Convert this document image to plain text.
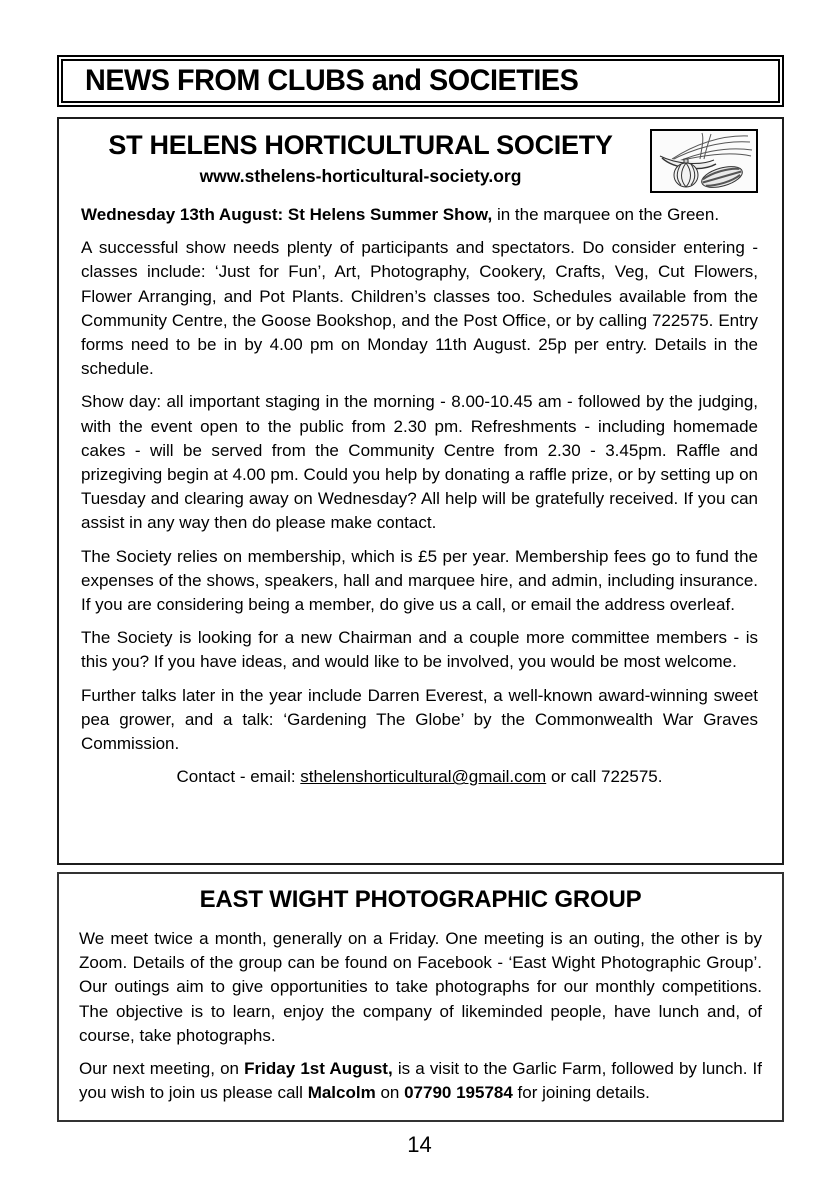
NEWS FROM CLUBS and SOCIETIES
ST HELENS HORTICULTURAL SOCIETY
www.sthelens-horticultural-society.org

Wednesday 13th August: St Helens Summer Show, in the marquee on the Green.

A successful show needs plenty of participants and spectators. Do consider entering - classes include: ‘Just for Fun’, Art, Photography, Cookery, Crafts, Veg, Cut Flowers, Flower Arranging, and Pot Plants. Children’s classes too. Schedules available from the Community Centre, the Goose Bookshop, and the Post Office, or by calling 722575. Entry forms need to be in by 4.00 pm on Monday 11th August. 25p per entry. Details in the schedule.

Show day: all important staging in the morning - 8.00-10.45 am - followed by the judging, with the event open to the public from 2.30 pm. Refreshments - including homemade cakes - will be served from the Community Centre from 2.30 - 3.45pm. Raffle and prizegiving begin at 4.00 pm. Could you help by donating a raffle prize, or by setting up on Tuesday and clearing away on Wednesday? All help will be gratefully received. If you can assist in any way then do please make contact.

The Society relies on membership, which is £5 per year. Membership fees go to fund the expenses of the shows, speakers, hall and marquee hire, and admin, including insurance. If you are considering being a member, do give us a call, or email the address overleaf.

The Society is looking for a new Chairman and a couple more committee members - is this you? If you have ideas, and would like to be involved, you would be most welcome.

Further talks later in the year include Darren Everest, a well-known award-winning sweet pea grower, and a talk: ‘Gardening The Globe’ by the Commonwealth War Graves Commission.

Contact - email: sthelenshorticultural@gmail.com or call 722575.

EAST WIGHT PHOTOGRAPHIC GROUP

We meet twice a month, generally on a Friday. One meeting is an outing, the other is by Zoom. Details of the group can be found on Facebook - ‘East Wight Photographic Group’. Our outings aim to give opportunities to take photographs for our monthly competitions. The objective is to learn, enjoy the company of likeminded people, have lunch and, of course, take photographs.

Our next meeting, on Friday 1st August, is a visit to the Garlic Farm, followed by lunch. If you wish to join us please call Malcolm on 07790 195784 for joining details.

14
